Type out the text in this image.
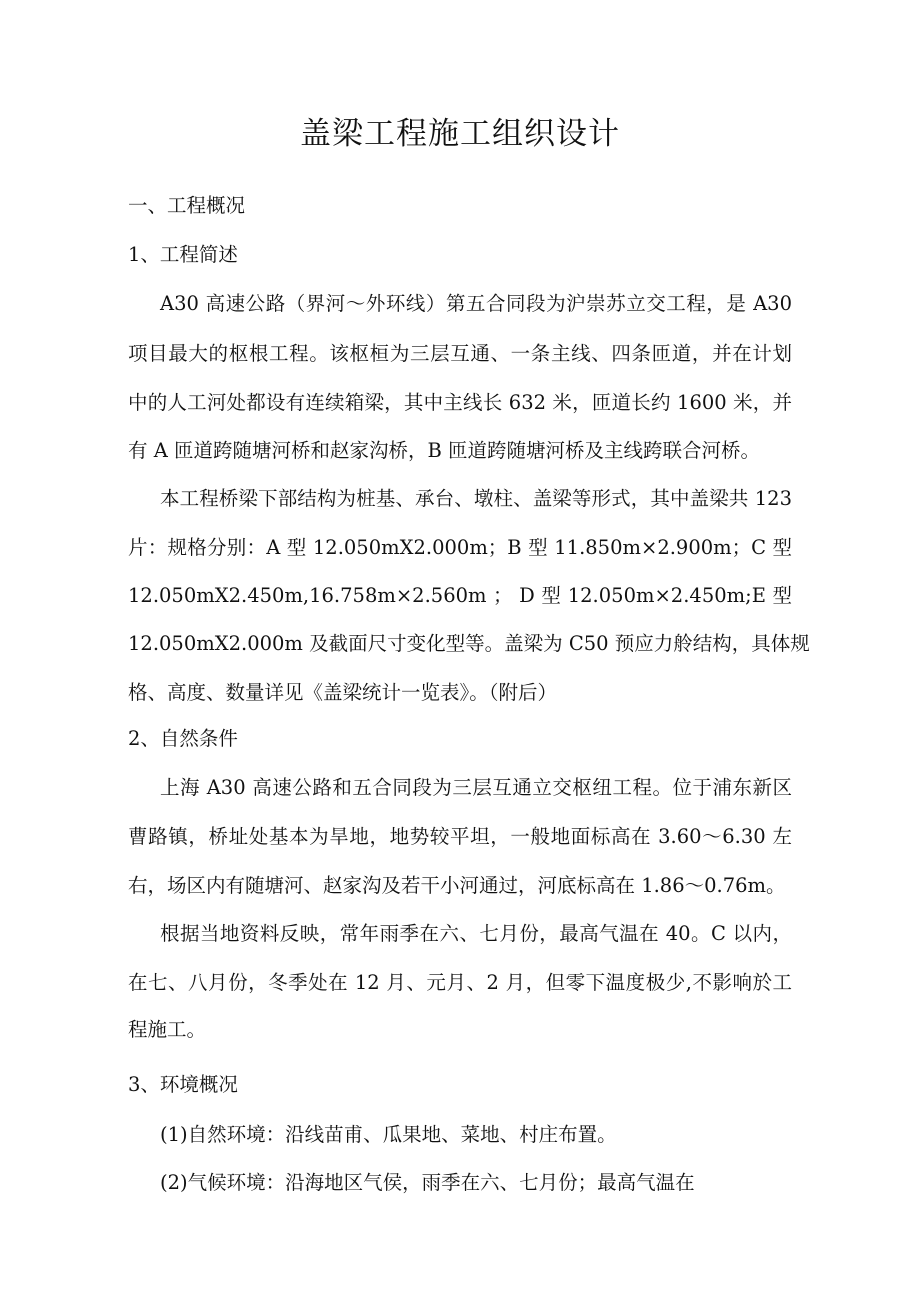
盖梁工程施工组织设计

一、工程概况

1、工程简述

A30 高速公路（界河～外环线）第五合同段为沪崇苏立交工程，是 A30

项目最大的枢根工程。该枢桓为三层互通、一条主线、四条匝道，并在计划

中的人工河处都设有连续箱梁，其中主线长 632 米，匝道长约 1600 米，并

有 A 匝道跨随塘河桥和赵家沟桥，B 匝道跨随塘河桥及主线跨联合河桥。

本工程桥梁下部结构为桩基、承台、墩柱、盖梁等形式，其中盖梁共 123

片：规格分别：A 型 12.050mX2.000m；B 型 11.850m×2.900m；C 型

12.050mX2.450m,16.758m×2.560m ； D 型 12.050m×2.450m;E 型

12.050mX2.000m 及截面尺寸变化型等。盖梁为 C50 预应力舲结构，具体规

格、高度、数量详见《盖梁统计一览表》。（附后）

2、自然条件

上海 A30 高速公路和五合同段为三层互通立交枢纽工程。位于浦东新区

曹路镇，桥址处基本为旱地，地势较平坦，一般地面标高在 3.60～6.30 左

右，场区内有随塘河、赵家沟及若干小河通过，河底标高在 1.86～0.76m。

根据当地资料反映，常年雨季在六、七月份，最高气温在 40。C 以内，

在七、八月份，冬季处在 12 月、元月、2 月，但零下温度极少,不影响於工

程施工。

3、环境概况

(1)自然环境：沿线苗甫、瓜果地、菜地、村庄布置。

(2)气候环境：沿海地区气侯，雨季在六、七月份；最高气温在
